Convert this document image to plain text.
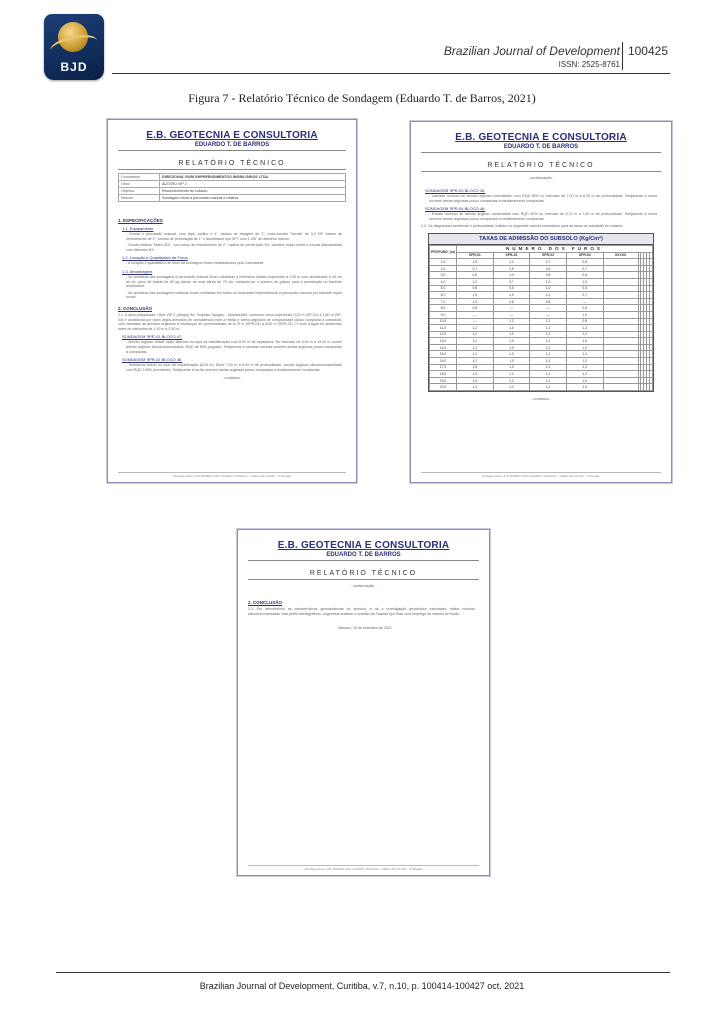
BJD
Brazilian Journal of Development
ISSN: 2525-8761
100425
Figura 7 - Relatório Técnico de Sondagem (Eduardo T. de Barros, 2021)
E.B. GEOTECNIA E CONSULTORIA
EDUARDO T. DE BARROS
RELATÓRIO TÉCNICO
Contratante:	DIRECIONAL RUBI EMPREENDIMENTOS IMOBILIÁRIOS LTDA.
Obra:	ALEGRO VIP 2
Objetivo:	Reconhecimento do subsolo.
Método:	Sondagem mista a percussão manual e rotativa.
1. ESPECIFICAÇÕES
1.1. Equipamento
- Sonda a percussão manual, com tripé, sarilho e 4", tripano de lavagem de 2", moto-bomba "Honda" de 5,0 HP, hastes de revestimento de 2", bomba de penetração de 1" e amostrador tipo SPT com 1.3/8" de diâmetro interno.
- Sonda rotativa "Mach 820", com tubos de revestimento de 2", hastes de penetração NX, barrilete duplo móvel e coroas diamantadas com diâmetro NX.
1.2. Locação e Quantitativo de Furos
- A locação e quantitativo de furos da sondagem foram estabelecidos pela Contratante.
1.3. Amostragem
- As amostras das sondagens a percussão manual foram coletadas a intervalos iniciais superiores a 1,00 m com amostrador a 45 cm do pé, peso de batida de 65 kg caindo de uma altura de 75 cm, contando-se o número de golpes para a penetração no barrilete amostrador.
- As amostras das sondagens rotativas foram coletadas em todos os horizontes impenetráveis a percussão manual por barrilete duplo móvel.
2. CONCLUSÃO
2.1. A área pesquisada, Obra VIP-2 (Alegro) Av. Torquato Tapajós – Manaus/AM, contendo cinco superfícies 0,23 m (SP-01) a 2,60 m (SP-04) é constituída por solos argilo-arenosos de consistência mole a média e areno-argilosos de compacidade pouco compacta a compacta, com camadas de arenitos argilosos e mudanças de profundidades de 6,70 m (SPR-04) a 8,00 m (SPR-01). O nível d'água foi observado entre os intervalos de 1,20 m a 2,50 m.
SONDAGEM SPR-01 BLOCO 47.
- Arenito argiloso friável muito alterado no topo da estratificação com 8,00 m de espessura. No intervalo de 8,00 m a 15,00 m ocorre arenito argiloso silicoso/consolidado, RQD de 50% (regular). Subjacente à camada rochosa ocorrem areias argilosas pouco compactas a compactas.
SONDAGEM SPR-02 BLOCO 46.
- Sedimento friável no topo da estratificação (8,00 m). Entre 7,00 m a 8,00 m de profundidade, arenito argiloso silicoso/consolidado com RQD 100% (excelente). Subjacente à rocha ocorrem areias argilosas pouco compactas a medianamente compactas.
- continua -
Santiago Rosa, 278, BAIRRO SÃO LÁZARO, MANAUS – CREA-AM 12.345 – 4ª Região
E.B. GEOTECNIA E CONSULTORIA
EDUARDO T. DE BARROS
RELATÓRIO TÉCNICO
- continuação -
SONDAGEM SPR-03 BLOCO 45.
- Camada rochosa de arenito argiloso consolidado com RQD 80% no intervalo de 7,00 m a 8,30 m de profundidade. Subjacente à rocha ocorrem areias argilosas pouco compactas a medianamente compactas.
SONDAGEM SPR-04 BLOCO 46.
- Estrato rochoso de arenito argiloso consolidado com RQD 90% no intervalo de 6,70 m a 7,60 m de profundidade. Subjacente à rocha ocorrem areias argilosas pouco compactas a medianamente compactas.
2.2. Os diagramas resistência X profundidade indicam os seguintes valores estimativos para as taxas de admissão do subsolo:
TAXAS DE ADMISSÃO DO SUBSOLO (Kg/Cm²)
PROFUND. (m)	NÚMERO DOS FUROS									
	SPR-01	SPR-02	SPR-03	SPR-04	XXXXX					
1,0	1,5	1,2	0,7	0,8						
2,0	0,7	1,5	0,5	0,7						
3,0	0,5	1,0	0,8	0,6						
4,0	1,2	0,7	1,0	1,0						
5,0	0,8	0,5	1,0	0,5						
6,0	1,0	1,0	1,0	0,7						
7,0	1,0	0,8	0,8	—						
8,0	0,8	—	—	0,8						
9,0	—	—	—	1,0						
10,0	—	1,2	1,2	0,8						
11,0	1,2	1,0	1,2	1,2						
12,0	1,2	1,0	1,2	1,2						
13,0	1,2	1,0	1,2	1,0						
14,0	1,2	1,0	1,2	1,0						
15,0	1,2	1,0	1,2	1,2						
16,0	1,2	1,0	1,2	1,2						
17,0	1,5	1,0	1,2	1,2						
18,0	1,0	1,2	1,2	1,2						
19,0	1,0	1,2	1,2	1,0						
20,0	1,0	1,2	1,2	1,0						
- continua -
Santiago Rosa, 278, BAIRRO SÃO LÁZARO, MANAUS – CREA-AM 12.345 – 4ª Região
E.B. GEOTECNIA E CONSULTORIA
EDUARDO T. DE BARROS
RELATÓRIO TÉCNICO
- continuação -
2. CONCLUSÃO
2.3. Em atendimento às características geomecânicas do subsolo, e da a investigação geotécnica executada, indica rochoso silicoso/consolidado cota perfis estratigráficos, sugerimos analisar a ocasião de Estacas tipo Raiz com emprego da martelo de fundo.
Manaus, 15 de setembro de 2021.
Santiago Rosa, 278, BAIRRO SÃO LÁZARO, MANAUS – CREA-AM 12.345 – 4ª Região
Brazilian Journal of Development, Curitiba, v.7, n.10, p. 100414-100427 oct. 2021
